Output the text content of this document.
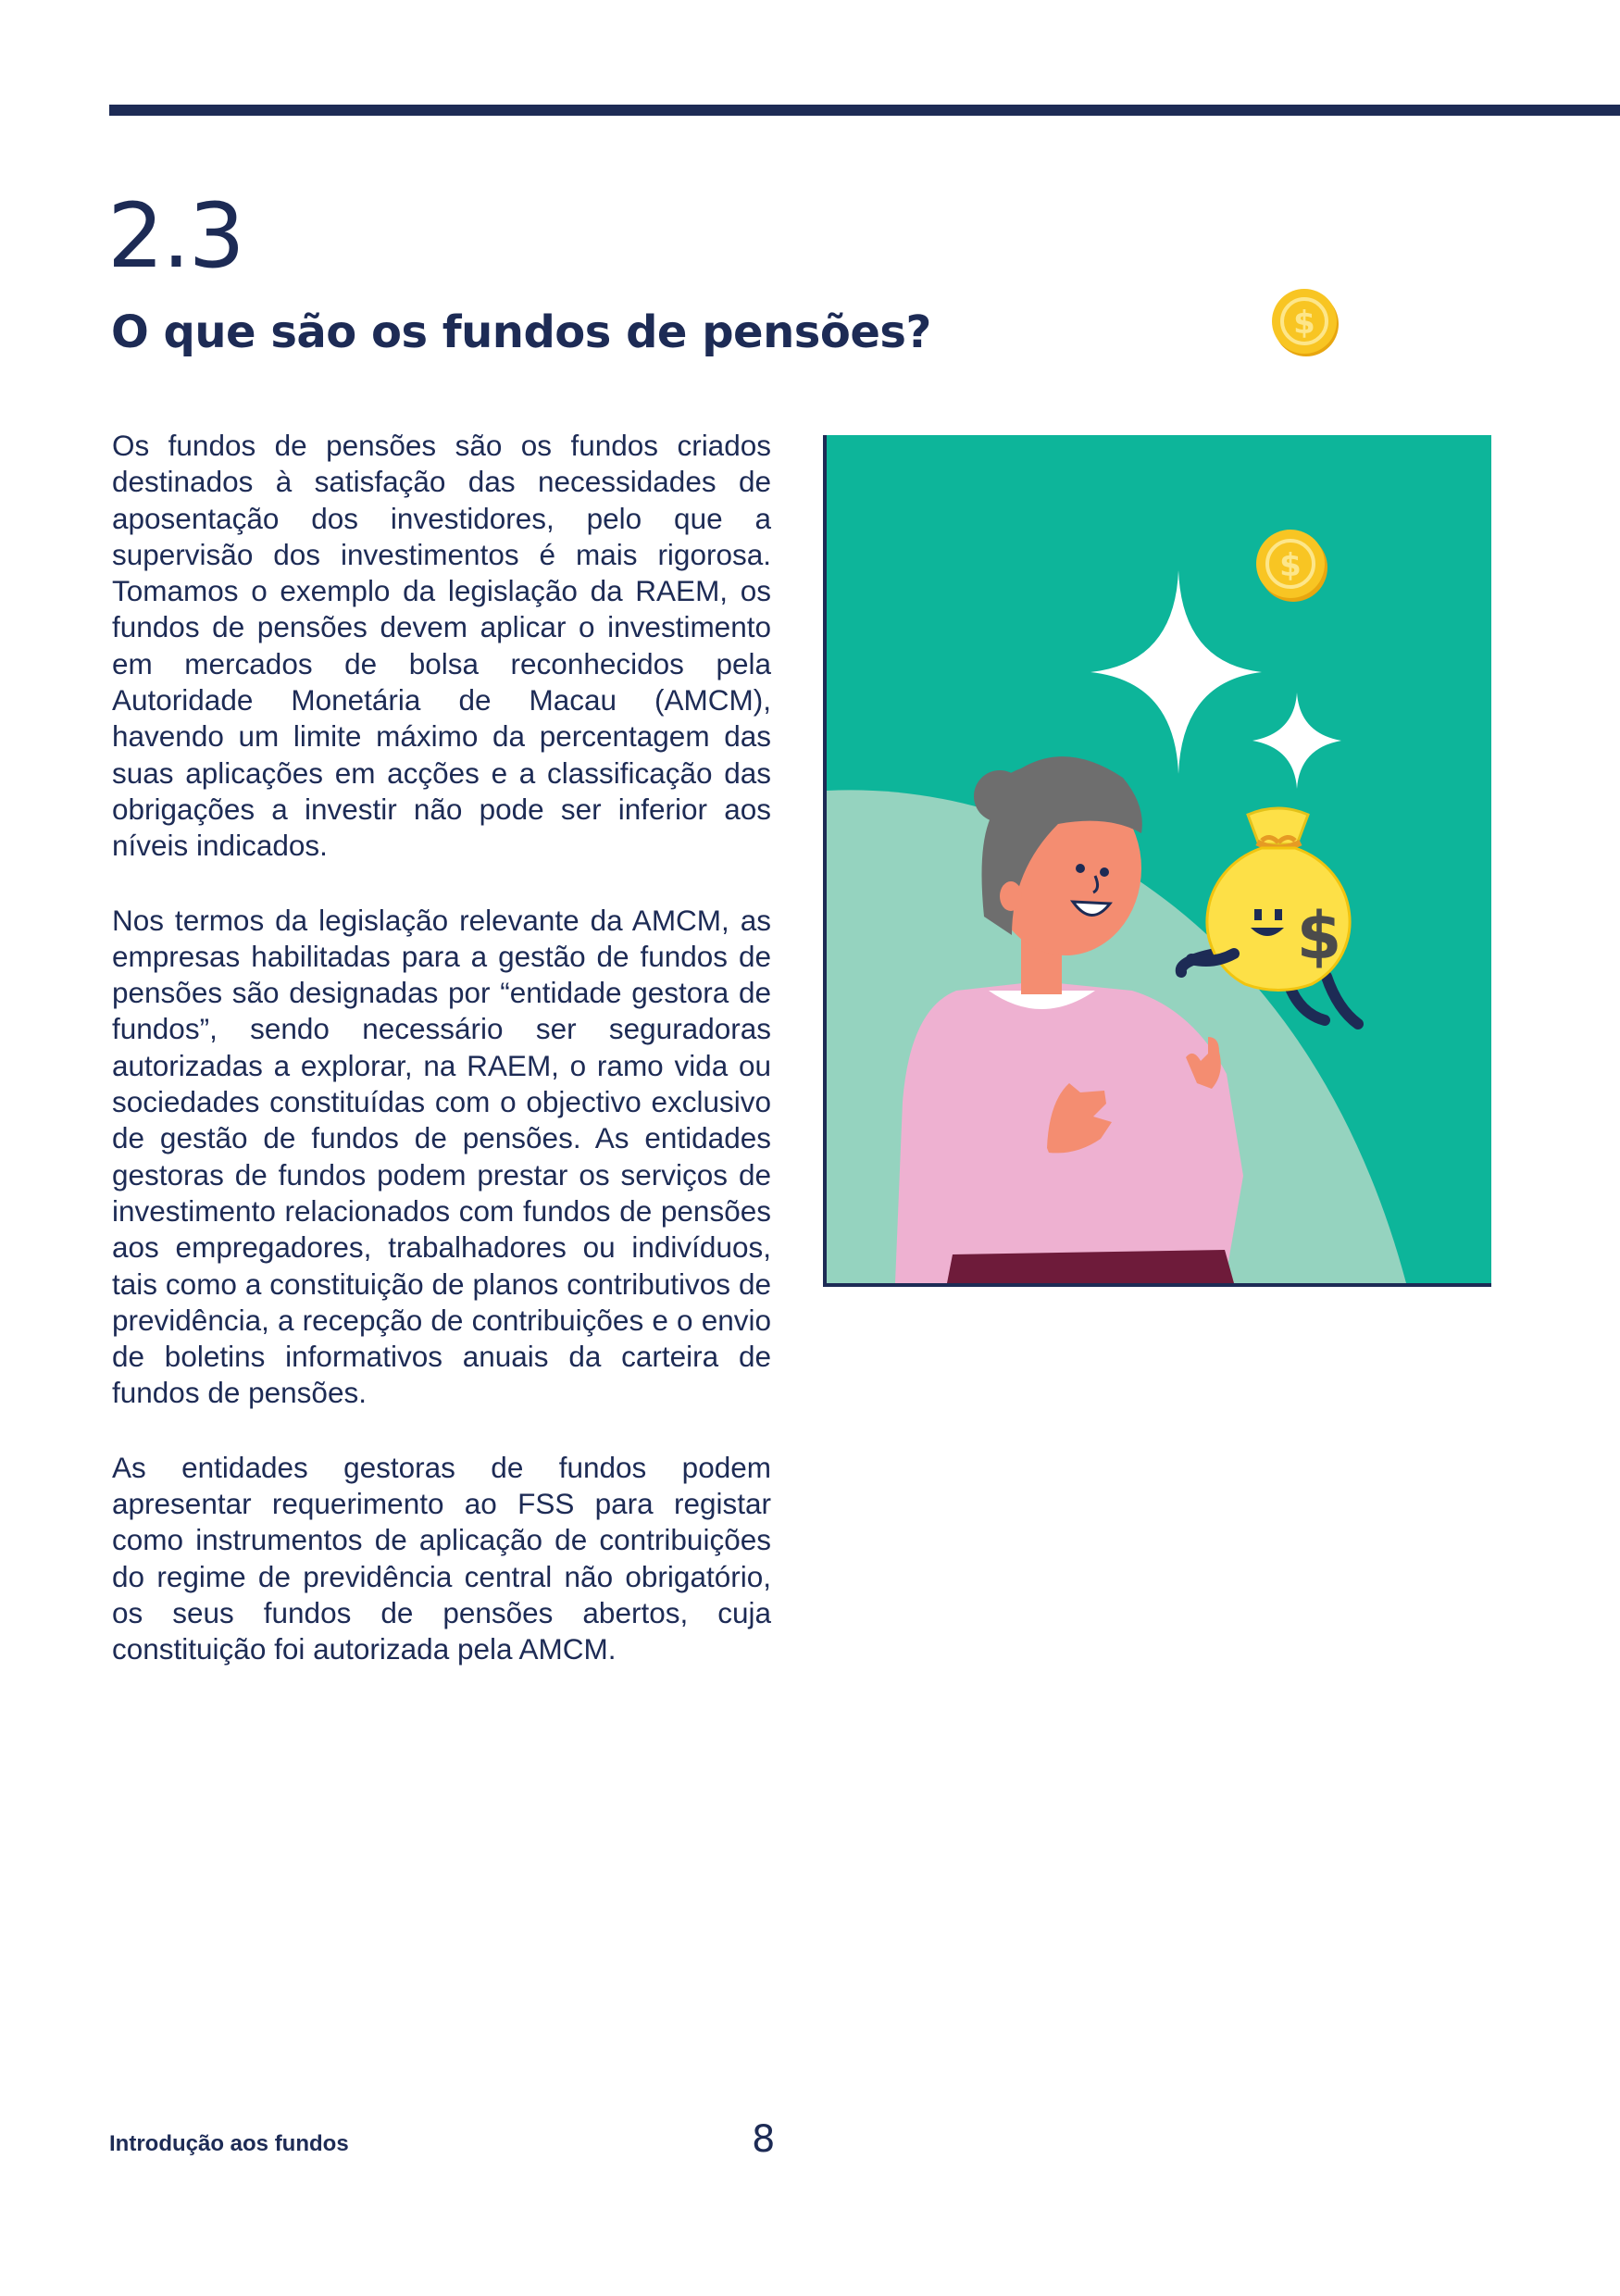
2.3
O que são os fundos de pensões?	$

Os fundos de pensões são os fundos criados destinados à satisfação das necessidades de aposentação dos investidores, pelo que a supervisão dos investimentos é mais rigorosa. Tomamos o exemplo da legislação da RAEM, os fundos de pensões devem aplicar o investimento em mercados de bolsa reconhecidos pela Autoridade Monetária de Macau (AMCM), havendo um limite máximo da percentagem das suas aplicações em acções e a classificação das obrigações a investir não pode ser inferior aos níveis indicados.

Nos termos da legislação relevante da AMCM, as empresas habilitadas para a gestão de fundos de pensões são designadas por “entidade gestora de fundos”, sendo necessário ser seguradoras autorizadas a explorar, na RAEM, o ramo vida ou sociedades constituídas com o objectivo exclusivo de gestão de fundos de pensões. As entidades gestoras de fundos podem prestar os serviços de investimento relacionados com fundos de pensões aos empregadores, trabalhadores ou indivíduos, tais como a constituição de planos contributivos de previdência, a recepção de contribuições e o envio de boletins informativos anuais da carteira de fundos de pensões.

As entidades gestoras de fundos podem apresentar requerimento ao FSS para registar como instrumentos de aplicação de contribuições do regime de previdência central não obrigatório, os seus fundos de pensões abertos, cuja constituição foi autorizada pela AMCM.

$
$
Introdução aos fundos	8
